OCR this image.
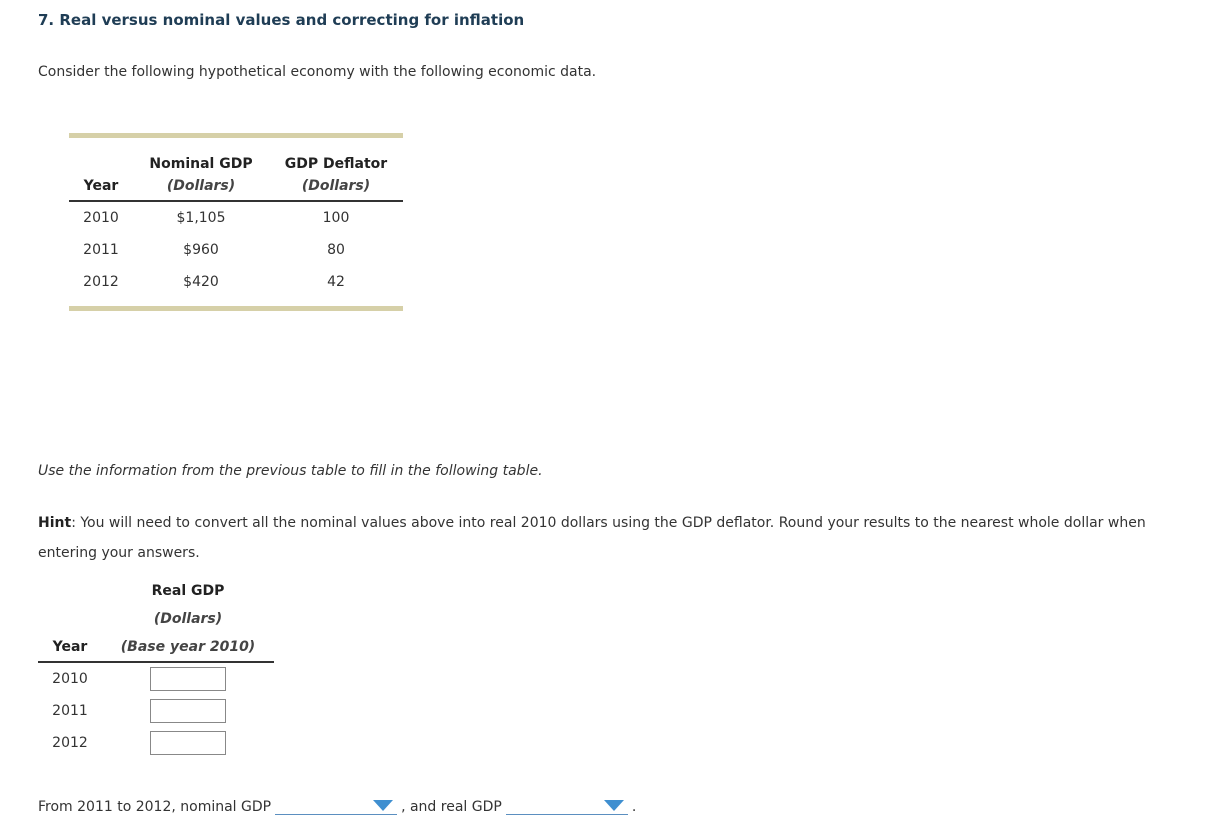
7. Real versus nominal values and correcting for inflation

Consider the following hypothetical economy with the following economic data.

	Nominal GDP	GDP Deflator
Year	(Dollars)	(Dollars)
2010	$1,105	100
2011	$960	80
2012	$420	42

Use the information from the previous table to fill in the following table.

Hint: You will need to convert all the nominal values above into real 2010 dollars using the GDP deflator. Round your results to the nearest whole dollar when entering your answers.

	Real GDP
	(Dollars)
Year	(Base year 2010)
2010	
2011	
2012	

From 2011 to 2012, nominal GDP	, and real GDP	.
